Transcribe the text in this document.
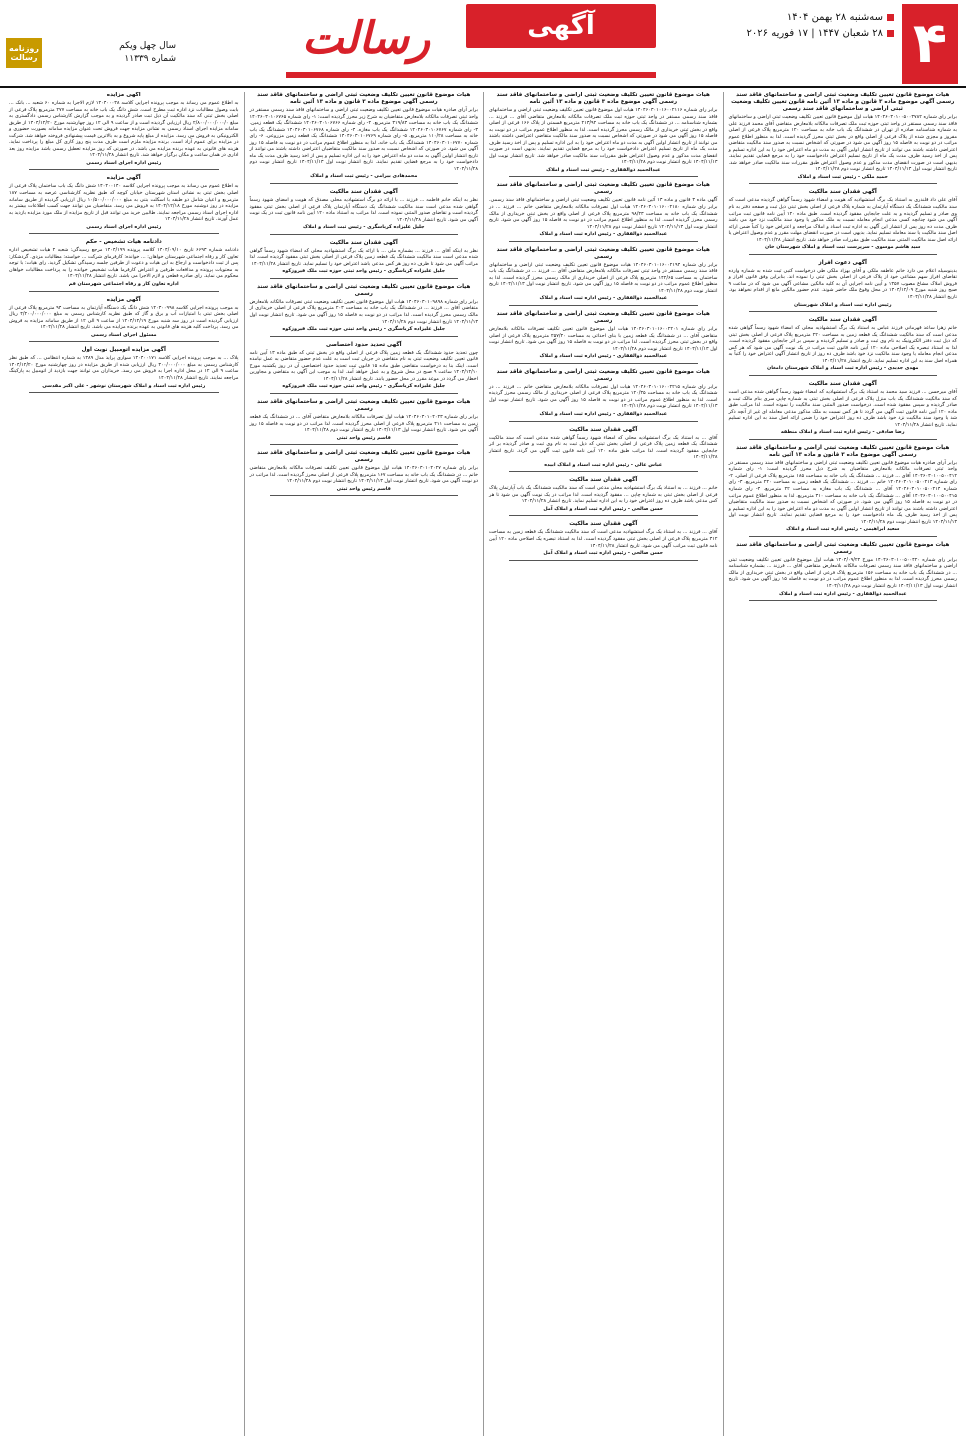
۴
سه‌شنبه ۲۸ بهمن ۱۴۰۴
۲۸ شعبان ۱۴۴۷ | ۱۷ فوریه ۲۰۲۶
آگهی
رسالت
روزنامه رسالت
سال چهل ویکم
شماره ۱۱۳۳۹
هیات موضوع قانون تعیین تکلیف وضعیت ثبتی اراضی و ساختمانهای فاقد سند رسمی آگهی موضوع ماده ۳ قانون و ماده ۱۳ آئین نامه قانون تعیین تکلیف وضعیت ثبتی اراضی و ساختمانهای فاقد سند رسمی
برابر رای شماره ۱۴۰۴۶۰۳۰۱۰۰۵۰۰۳۷۸۲ هیات اول موضوع قانون تعیین تکلیف وضعیت ثبتی اراضی و ساختمانهای فاقد سند رسمی مستقر در واحد ثبتی حوزه ثبت ملک تصرفات مالکانه بلامعارض متقاضی آقای محمد فرزند علی به شماره شناسنامه صادره از تهران در ششدانگ یک باب خانه به مساحت ۱۲۰ مترمربع پلاک فرعی از اصلی مفروز و مجزی شده از پلاک فرعی از اصلی واقع در بخش ثبتی محرز گردیده است. لذا به منظور اطلاع عموم مراتب در دو نوبت به فاصله ۱۵ روز آگهی می شود در صورتی که اشخاص نسبت به صدور سند مالکیت متقاضی اعتراضی داشته باشند می توانند از تاریخ انتشار اولین آگهی به مدت دو ماه اعتراض خود را به این اداره تسلیم و پس از اخذ رسید ظرف مدت یک ماه از تاریخ تسلیم اعتراض دادخواست خود را به مرجع قضایی تقدیم نمایند. بدیهی است در صورت انقضای مدت مذکور و عدم وصول اعتراض طبق مقررات سند مالکیت صادر خواهد شد. تاریخ انتشار نوبت اول ۱۴۰۴/۱۱/۱۳ تاریخ انتشار نوبت دوم ۱۴۰۴/۱۱/۲۸
حمید ملکی - رئیس ثبت اسناد و املاک
آگهی فقدان سند مالکیت
آقای علی داد قلندری به استناد یک برگ استشهادیه که هویت و امضاء شهود رسماً گواهی گردیده مدعی است که سند مالکیت ششدانگ یک دستگاه آپارتمان به شماره پلاک فرعی از اصلی بخش ثبتی ذیل ثبت و صفحه دفتر به نام وی صادر و تسلیم گردیده و به علت جابجایی مفقود گردیده است. طبق ماده ۱۲۰ آیین نامه قانون ثبت مراتب آگهی می شود چنانچه کسی مدعی انجام معامله نسبت به ملک مذکور یا وجود سند مالکیت نزد خود می باشد ظرف مدت ده روز پس از انتشار این آگهی به اداره ثبت اسناد و املاک مراجعه و اعتراض خود را کتباً ضمن ارائه اصل سند مالکیت یا سند معامله تسلیم نماید. بدیهی است در صورت انقضای مهلت مقرر و عدم وصول اعتراض یا ارائه اصل سند مالکیت المثنی سند مالکیت طبق مقررات صادر خواهد شد. تاریخ انتشار ۱۴۰۴/۱۱/۲۸
سید هاشم موسوی - سرپرست ثبت اسناد و املاک شهرستان خان
آگهی دعوت افراز
بدینوسیله اعلام می دارد خانم عاطفه ملکی و آقای بهزاد ملکی طی درخواست کتبی ثبت شده به شماره وارده تقاضای افراز سهم مشاعی خود از پلاک فرعی از اصلی بخش ثبتی را نموده اند. بنابراین وفق قانون افراز و فروش املاک مشاع مصوب ۱۳۵۷ و آیین نامه اجرایی آن به کلیه مالکین مشاعی آگهی می شود که در ساعت ۹ صبح روز شنبه مورخ ۱۴۰۴/۱۲/۰۹ در محل وقوع ملک حاضر شوند. عدم حضور مالکین مانع از اقدام نخواهد بود. تاریخ انتشار ۱۴۰۴/۱۱/۲۸
رئیس اداره ثبت اسناد و املاک شهرستان
آگهی فقدان سند مالکیت
خانم زهرا ساعد قهرمانی فرزند عباس به استناد یک برگ استشهادیه محلی که امضاء شهود رسماً گواهی شده مدعی است که سند مالکیت ششدانگ یک قطعه زمین به مساحت ۲۲۰ مترمربع پلاک فرعی از اصلی بخش ثبتی که ذیل ثبت دفتر الکترونیک به نام وی ثبت و صادر و تسلیم گردیده و سپس بر اثر جابجایی مفقود گردیده است. لذا به استناد تبصره یک اصلاحی ماده ۱۲۰ آیین نامه قانون ثبت مراتب در یک نوبت آگهی می شود که هر کس مدعی انجام معامله یا وجود سند مالکیت نزد خود باشد ظرف ده روز از تاریخ انتشار آگهی اعتراض خود را کتباً به همراه اصل سند به این اداره تسلیم نماید. تاریخ انتشار ۱۴۰۴/۱۱/۲۸
مهدی جدیدی - رئیس اداره ثبت اسناد و املاک شهرستان دامغان
آگهی فقدان سند مالکیت
آقای میرحسن ... فرزند سید محمد به استناد یک برگ استشهادیه که امضاء شهود رسماً گواهی شده مدعی است که سند مالکیت ششدانگ یک باب منزل پلاک فرعی از اصلی بخش ثبتی به شماره چاپی سری بنام مالک ثبت و صادر گردیده و سپس مفقود شده است. درخواست صدور المثنی سند مالکیت را نموده است. لذا مراتب طبق ماده ۱۲۰ آیین نامه قانون ثبت آگهی می گردد تا هر کس نسبت به ملک مذکور مدعی معامله ای غیر از آنچه ذکر شد یا وجود سند مالکیت نزد خود باشد ظرف ده روز اعتراض خود را ضمن ارائه اصل سند به این اداره تسلیم نماید. تاریخ انتشار ۱۴۰۴/۱۱/۲۸
رضا صادقی - رئیس اداره ثبت اسناد و املاک منطقه
هیات موضوع قانون تعیین تکلیف وضعیت ثبتی اراضی و ساختمانهای فاقد سند رسمی آگهی موضوع ماده ۳ قانون و ماده ۱۳ آئین نامه
برابر آرای صادره هیات موضوع قانون تعیین تکلیف وضعیت ثبتی اراضی و ساختمانهای فاقد سند رسمی مستقر در واحد ثبتی تصرفات مالکانه بلامعارض متقاضیان به شرح ذیل محرز گردیده است: ۱- رای شماره ۱۴۰۴۶۰۳۰۱۰۰۵۰۰۴۱۲ آقای ... فرزند ... ششدانگ یک باب خانه به مساحت ۱۸۵ مترمربع پلاک فرعی از اصلی. ۲- رای شماره ۱۴۰۴۶۰۳۰۱۰۰۵۰۰۴۱۳ خانم ... فرزند ... ششدانگ یک قطعه زمین به مساحت ۲۴۰ مترمربع. ۳- رای شماره ۱۴۰۴۶۰۳۰۱۰۰۵۰۰۴۱۴ آقای ... ششدانگ یک باب مغازه به مساحت ۴۲ مترمربع. ۴- رای شماره ۱۴۰۴۶۰۳۰۱۰۰۵۰۰۴۱۵ آقای ... ششدانگ یک باب خانه به مساحت ۳۱۰ مترمربع. لذا به منظور اطلاع عموم مراتب در دو نوبت به فاصله ۱۵ روز آگهی می شود. در صورتی که اشخاص نسبت به صدور سند مالکیت متقاضیان اعتراضی داشته باشند می توانند از تاریخ انتشار اولین آگهی به مدت دو ماه اعتراض خود را به این اداره تسلیم و پس از اخذ رسید ظرف یک ماه دادخواست خود را به مرجع قضایی تقدیم نمایند. تاریخ انتشار نوبت اول ۱۴۰۴/۱۱/۱۳ تاریخ انتشار نوبت دوم ۱۴۰۴/۱۱/۲۸
سعید ابراهیمی - رئیس اداره ثبت اسناد و املاک
هیات موضوع قانون تعیین تکلیف وضعیت ثبتی اراضی و ساختمانهای فاقد سند رسمی
برابر رای شماره ۱۴۰۴۶۰۳۰۱۰۰۵۰۰۴۲۰ مورخ ۱۴۰۴/۰۹/۲۲ هیات اول موضوع قانون تعیین تکلیف وضعیت ثبتی اراضی و ساختمانهای فاقد سند رسمی تصرفات مالکانه بلامعارض متقاضی آقای ... فرزند ... بشماره شناسنامه ... در ششدانگ یک باب خانه به مساحت ۱۵۶ مترمربع پلاک فرعی از اصلی واقع در بخش ثبتی خریداری از مالک رسمی محرز گردیده است. لذا به منظور اطلاع عموم مراتب در دو نوبت به فاصله ۱۵ روز آگهی می شود. تاریخ انتشار نوبت اول ۱۴۰۴/۱۱/۱۳ تاریخ انتشار نوبت دوم ۱۴۰۴/۱۱/۲۸
عبدالحمید ذوالفقاری - رئیس اداره ثبت اسناد و املاک
هیات موضوع قانون تعیین تکلیف وضعیت ثبتی اراضی و ساختمانهای فاقد سند رسمی آگهی موضوع ماده ۳ قانون و ماده ۱۳ آئین نامه
برابر رای شماره ۱۴۰۴۶۰۳۰۱۰۱۶۰۰۲۱۱۶ هیات اول موضوع قانون تعیین تکلیف وضعیت ثبتی اراضی و ساختمانهای فاقد سند رسمی مستقر در واحد ثبتی حوزه ثبت ملک تصرفات مالکانه بلامعارض متقاضی آقای ... فرزند ... بشماره شناسنامه ... در ششدانگ یک باب خانه به مساحت ۲۱۳/۹۲ مترمربع قسمتی از پلاک ۱۶۶ فرعی از اصلی واقع در بخش ثبتی خریداری از مالک رسمی محرز گردیده است. لذا به منظور اطلاع عموم مراتب در دو نوبت به فاصله ۱۵ روز آگهی می شود در صورتی که اشخاص نسبت به صدور سند مالکیت متقاضی اعتراضی داشته باشند می توانند از تاریخ انتشار اولین آگهی به مدت دو ماه اعتراض خود را به این اداره تسلیم و پس از اخذ رسید ظرف مدت یک ماه از تاریخ تسلیم اعتراض دادخواست خود را به مرجع قضایی تقدیم نمایند. بدیهی است در صورت انقضای مدت مذکور و عدم وصول اعتراض طبق مقررات سند مالکیت صادر خواهد شد. تاریخ انتشار نوبت اول ۱۴۰۴/۱۱/۱۳ تاریخ انتشار نوبت دوم ۱۴۰۴/۱۱/۲۸
عبدالحمید ذوالفقاری - رئیس ثبت اسناد و املاک
هیات موضوع قانون تعیین تکلیف وضعیت ثبتی اراضی و ساختمانهای فاقد سند رسمی
آگهی ماده ۳ قانون و ماده ۱۳ آئین نامه قانون تعیین تکلیف وضعیت ثبتی اراضی و ساختمانهای فاقد سند رسمی. برابر رای شماره ۱۴۰۴۶۰۳۰۱۰۱۶۰۰۲۱۸۰ هیات اول تصرفات مالکانه بلامعارض متقاضی خانم ... فرزند ... در ششدانگ یک باب خانه به مساحت ۹۸/۴۳ مترمربع پلاک فرعی از اصلی واقع در بخش ثبتی خریداری از مالک رسمی محرز گردیده است. لذا به منظور اطلاع عموم مراتب در دو نوبت به فاصله ۱۵ روز آگهی می شود. تاریخ انتشار نوبت اول ۱۴۰۴/۱۱/۱۳ تاریخ انتشار نوبت دوم ۱۴۰۴/۱۱/۲۸
عبدالحمید ذوالفقاری - رئیس اداره ثبت اسناد و املاک
هیات موضوع قانون تعیین تکلیف وضعیت ثبتی اراضی و ساختمانهای فاقد سند رسمی
برابر رای شماره ۱۴۰۴۶۰۳۰۱۰۱۶۰۰۲۱۹۴ هیات موضوع قانون تعیین تکلیف وضعیت ثبتی اراضی و ساختمانهای فاقد سند رسمی مستقر در واحد ثبتی تصرفات مالکانه بلامعارض متقاضی آقای ... فرزند ... در ششدانگ یک باب ساختمان به مساحت ۱۴۲/۶۵ مترمربع پلاک فرعی از اصلی خریداری از مالک رسمی محرز گردیده است. لذا به منظور اطلاع عموم مراتب در دو نوبت به فاصله ۱۵ روز آگهی می شود. تاریخ انتشار نوبت اول ۱۴۰۴/۱۱/۱۳ تاریخ انتشار نوبت دوم ۱۴۰۴/۱۱/۲۸
عبدالحمید ذوالفقاری - رئیس اداره ثبت اسناد و املاک
هیات موضوع قانون تعیین تکلیف وضعیت ثبتی اراضی و ساختمانهای فاقد سند رسمی
برابر رای شماره ۱۴۰۴۶۰۳۰۱۰۱۶۰۰۲۲۰۱ هیات اول موضوع قانون تعیین تکلیف تصرفات مالکانه بلامعارض متقاضی آقای ... در ششدانگ یک قطعه زمین با بنای احداثی به مساحت ۲۵۷/۴۰ مترمربع پلاک فرعی از اصلی واقع در بخش ثبتی محرز گردیده است. لذا مراتب در دو نوبت به فاصله ۱۵ روز آگهی می شود. تاریخ انتشار نوبت اول ۱۴۰۴/۱۱/۱۳ تاریخ انتشار نوبت دوم ۱۴۰۴/۱۱/۲۸
عبدالحمید ذوالفقاری - رئیس اداره ثبت اسناد و املاک
هیات موضوع قانون تعیین تکلیف وضعیت ثبتی اراضی و ساختمانهای فاقد سند رسمی
برابر رای شماره ۱۴۰۴۶۰۳۰۱۰۱۶۰۰۲۲۱۵ هیات اول تصرفات مالکانه بلامعارض متقاضی خانم ... فرزند ... در ششدانگ یک باب خانه به مساحت ۱۲۰/۳۵ مترمربع پلاک فرعی از اصلی خریداری از مالک رسمی محرز گردیده است. لذا به منظور اطلاع عموم مراتب در دو نوبت به فاصله ۱۵ روز آگهی می شود. تاریخ انتشار نوبت اول ۱۴۰۴/۱۱/۱۳ تاریخ انتشار نوبت دوم ۱۴۰۴/۱۱/۲۸
عبدالحمید ذوالفقاری - رئیس اداره ثبت اسناد و املاک
آگهی فقدان سند مالکیت
آقای ... به استناد یک برگ استشهادیه محلی که امضاء شهود رسماً گواهی شده مدعی است که سند مالکیت ششدانگ یک قطعه زمین پلاک فرعی از اصلی بخش ثبتی که ذیل ثبت به نام وی ثبت و صادر گردیده بر اثر جابجایی مفقود گردیده است. لذا مراتب طبق ماده ۱۲۰ آیین نامه قانون ثبت آگهی می گردد. تاریخ انتشار ۱۴۰۴/۱۱/۲۸
عباس عالی - رئیس اداره ثبت اسناد و املاک ابیده
آگهی فقدان سند مالکیت
خانم ... فرزند ... به استناد یک برگ استشهادیه محلی مدعی است که سند مالکیت ششدانگ یک باب آپارتمان پلاک فرعی از اصلی بخش ثبتی به شماره چاپی ... مفقود گردیده است. لذا مراتب در یک نوبت آگهی می شود تا هر کس مدعی باشد ظرف ده روز اعتراض خود را به این اداره تسلیم نماید. تاریخ انتشار ۱۴۰۴/۱۱/۲۸
حسن صالحی - رئیس اداره ثبت اسناد و املاک آمل
آگهی فقدان سند مالکیت
آقای ... فرزند ... به استناد یک برگ استشهادیه مدعی است که سند مالکیت ششدانگ یک قطعه زمین به مساحت ۳۱۲ مترمربع پلاک فرعی از اصلی بخش ثبتی مفقود گردیده است. لذا به استناد تبصره یک اصلاحی ماده ۱۲۰ آیین نامه قانون ثبت مراتب آگهی می شود. تاریخ انتشار ۱۴۰۴/۱۱/۲۸
حسن صالحی - رئیس اداره ثبت اسناد و املاک آمل
هیات موضوع قانون تعیین تکلیف وضعیت ثبتی اراضی و ساختمانهای فاقد سند رسمی آگهی موضوع ماده ۳ قانون و ماده ۱۳ آئین نامه
برابر آرای صادره هیات موضوع قانون تعیین تکلیف وضعیت ثبتی اراضی و ساختمانهای فاقد سند رسمی مستقر در واحد ثبتی تصرفات مالکانه بلامعارض متقاضیان به شرح زیر محرز گردیده است: ۱- رای شماره ۱۴۰۴۶۰۳۰۱۰۶۷۶۵ ششدانگ یک باب خانه به مساحت ۳۱۹/۸۳ مترمربع. ۲- رای شماره ۱۴۰۴۶۰۳۰۱۰۶۷۶۶ ششدانگ یک قطعه زمین. ۳- رای شماره ۱۴۰۴۶۰۳۰۱۰۶۷۶۷ ششدانگ یک باب مغازه. ۴- رای شماره ۱۴۰۴۶۰۳۰۱۰۶۷۶۸ ششدانگ یک باب خانه به مساحت ۱۱۰/۲۸ مترمربع. ۵- رای شماره ۱۴۰۴۶۰۳۰۱۰۶۷۶۹ ششدانگ یک قطعه زمین مزروعی. ۶- رای شماره ۱۴۰۴۶۰۳۰۱۰۶۷۷۰ ششدانگ یک باب خانه. لذا به منظور اطلاع عموم مراتب در دو نوبت به فاصله ۱۵ روز آگهی می شود. در صورتی که اشخاص نسبت به صدور سند مالکیت متقاضیان اعتراضی داشته باشند می توانند از تاریخ انتشار اولین آگهی به مدت دو ماه اعتراض خود را به این اداره تسلیم و پس از اخذ رسید ظرف مدت یک ماه دادخواست خود را به مرجع قضایی تقدیم نمایند. تاریخ انتشار نوبت اول ۱۴۰۴/۱۱/۱۳ تاریخ انتشار نوبت دوم ۱۴۰۴/۱۱/۲۸
محمدهادی بیرامی - رئیس ثبت اسناد و املاک
آگهی فقدان سند مالکیت
نظر به اینکه خانم فاطمه ... فرزند ... با ارائه دو برگ استشهادیه محلی مصدق که هویت و امضای شهود رسماً گواهی شده مدعی است سند مالکیت ششدانگ یک دستگاه آپارتمان پلاک فرعی از اصلی بخش ثبتی مفقود گردیده است و تقاضای صدور المثنی نموده است. لذا مراتب به استناد ماده ۱۲۰ آیین نامه قانون ثبت در یک نوبت آگهی می شود. تاریخ انتشار ۱۴۰۴/۱۱/۲۸
جلیل علیزاده کرباسگری - رئیس ثبت اسناد و املاک
آگهی فقدان سند مالکیت
نظر به اینکه آقای ... فرزند ... بشماره ملی ... با ارائه یک برگ استشهادیه محلی که امضاء شهود رسماً گواهی شده مدعی است سند مالکیت ششدانگ یک قطعه زمین پلاک فرعی از اصلی بخش ثبتی مفقود گردیده است. لذا مراتب آگهی می شود تا ظرف ده روز هر کس مدعی باشد اعتراض خود را تسلیم نماید. تاریخ انتشار ۱۴۰۴/۱۱/۲۸
جلیل علیزاده کرباسگری - رئیس واحد ثبتی حوزه ثبت ملک فیروزکوه
هیات موضوع قانون تعیین تکلیف وضعیت ثبتی اراضی و ساختمانهای فاقد سند رسمی
برابر رای شماره ۱۴۰۴۶۰۳۰۱۰۹۸۹۸ هیات اول موضوع قانون تعیین تکلیف وضعیت ثبتی تصرفات مالکانه بلامعارض متقاضی آقای ... فرزند ... در ششدانگ یک باب خانه به مساحت ۲۰۳ مترمربع پلاک فرعی از اصلی خریداری از مالک رسمی محرز گردیده است. لذا مراتب در دو نوبت به فاصله ۱۵ روز آگهی می شود. تاریخ انتشار نوبت اول ۱۴۰۴/۱۱/۱۳ تاریخ انتشار نوبت دوم ۱۴۰۴/۱۱/۲۸
جلیل علیزاده کرباسگری - رئیس واحد ثبتی حوزه ثبت ملک فیروزکوه
آگهی تحدید حدود اختصاصی
چون تحدید حدود ششدانگ یک قطعه زمین پلاک فرعی از اصلی واقع در بخش ثبتی که طبق ماده ۱۳ آیین نامه قانون تعیین تکلیف وضعیت ثبتی به نام متقاضی در جریان ثبت است به علت عدم حضور متقاضی به عمل نیامده است. اینک بنا به درخواست متقاضی طبق ماده ۱۵ قانون ثبت تحدید حدود اختصاصی آن در روز یکشنبه مورخ ۱۴۰۴/۱۲/۱۰ ساعت ۹ صبح در محل شروع و به عمل خواهد آمد. لذا به موجب این آگهی به متقاضی و مجاورین اخطار می گردد در موعد مقرر در محل حضور یابند. تاریخ انتشار ۱۴۰۴/۱۱/۲۸
جلیل علیزاده کرباسگری - رئیس واحد ثبتی حوزه ثبت ملک فیروزکوه
هیات موضوع قانون تعیین تکلیف وضعیت ثبتی اراضی و ساختمانهای فاقد سند رسمی
برابر رای شماره ۱۴۰۴۶۰۳۰۱۰۴۰۲۳ هیات اول تصرفات مالکانه بلامعارض متقاضی آقای ... در ششدانگ یک قطعه زمین به مساحت ۴۱۱ مترمربع پلاک فرعی از اصلی محرز گردیده است. لذا مراتب در دو نوبت به فاصله ۱۵ روز آگهی می شود. تاریخ انتشار نوبت اول ۱۴۰۴/۱۱/۱۳ تاریخ انتشار نوبت دوم ۱۴۰۴/۱۱/۲۸
قاسم رئیس واحد ثبتی
هیات موضوع قانون تعیین تکلیف وضعیت ثبتی اراضی و ساختمانهای فاقد سند رسمی
برابر رای شماره ۱۴۰۴۶۰۳۰۱۰۴۰۲۷ هیات اول موضوع قانون تعیین تکلیف تصرفات مالکانه بلامعارض متقاضی خانم ... در ششدانگ یک باب خانه به مساحت ۱۶۷ مترمربع پلاک فرعی از اصلی محرز گردیده است. لذا مراتب در دو نوبت آگهی می شود. تاریخ انتشار نوبت اول ۱۴۰۴/۱۱/۱۳ تاریخ انتشار نوبت دوم ۱۴۰۴/۱۱/۲۸
قاسم رئیس واحد ثبتی
آگهی مزایده
به اطلاع عموم می رساند به موجب پرونده اجرایی کلاسه ۱۴۰۴۰۰۰۳۸ لازم الاجرا به شماره ۶۰ شعبه ... بانک ... بابت وصول مطالبات نزد اداره ثبت مطرح است. شش دانگ یک باب خانه به مساحت ۲۷۷ مترمربع پلاک فرعی از اصلی بخش ثبتی که سند مالکیت آن ذیل ثبت صادر گردیده و به موجب گزارش کارشناس رسمی دادگستری به مبلغ ۲/۸۰۰/۰۰۰/۰۰۰/۰ ریال ارزیابی گردیده است و از ساعت ۹ الی ۱۲ روز چهارشنبه مورخ ۱۴۰۴/۱۲/۲۰ از طریق سامانه مزایده اجرای اسناد رسمی به نشانی مزایده جهت فروش تحت عنوان مزایده سامانه بصورت حضوری و الکترونیکی به فروش می رسد. مزایده از مبلغ پایه شروع و به بالاترین قیمت پیشنهادی فروخته خواهد شد. شرکت در مزایده برای عموم آزاد است. برنده مزایده ملزم است ظرف مدت پنج روز کاری کل مبلغ را پرداخت نماید. هزینه های قانونی به عهده برنده مزایده می باشد. در صورتی که روز مزایده تعطیل رسمی باشد مزایده روز بعد اداری در همان ساعت و مکان برگزار خواهد شد. تاریخ انتشار ۱۴۰۴/۱۱/۲۸
رئیس اداره اجرای اسناد رسمی
آگهی مزایده
به اطلاع عموم می رساند به موجب پرونده اجرایی کلاسه ۱۴۰۴۰۰۱۴۰ شش دانگ یک باب ساختمان پلاک فرعی از اصلی بخش ثبتی به نشانی استان شهرستان خیابان کوچه که طبق نظریه کارشناسی عرصه به مساحت ۱۸۷ مترمربع و اعیان شامل دو طبقه با اسکلت بتنی به مبلغ ۱۰/۵۰۰/۰۰۰/۰۰۰ ریال ارزیابی گردیده از طریق سامانه مزایده در روز دوشنبه مورخ ۱۴۰۴/۱۲/۱۸ به فروش می رسد. متقاضیان می توانند جهت کسب اطلاعات بیشتر به اداره اجرای اسناد رسمی مراجعه نمایند. طالبین خرید می توانند قبل از تاریخ مزایده از ملک مورد مزایده بازدید به عمل آورند. تاریخ انتشار ۱۴۰۴/۱۱/۲۸
رئیس اداره اجرای اسناد رسمی
دادنامه هیات تشخیص - حکم
دادنامه شماره ۶۶۹۳ تاریخ ۱۴۰۴/۰۹/۱۰ کلاسه پرونده ۱۴۰۴/۱۹۹ مرجع رسیدگی: شعبه ۲ هیات تشخیص اداره تعاون کار و رفاه اجتماعی شهرستان خواهان: ... خوانده: کارفرمای شرکت ... خواسته: مطالبات مزدی. گردشکار: پس از ثبت دادخواست و ارجاع به این هیات و دعوت از طرفین جلسه رسیدگی تشکیل گردید. رای هیات: با توجه به محتویات پرونده و مدافعات طرفین و اعتراض کارفرما هیات تشخیص خوانده را به پرداخت مطالبات خواهان محکوم می نماید. رای صادره قطعی و لازم الاجرا می باشد. تاریخ انتشار ۱۴۰۴/۱۱/۲۸
اداره تعاون کار و رفاه اجتماعی شهرستان قم
آگهی مزایده
به موجب پرونده اجرایی کلاسه ۱۴۰۳۰۰۹۹۸ شش دانگ یک دستگاه آپارتمان به مساحت ۹۴ مترمربع پلاک فرعی از اصلی بخش ثبتی با امتیازات آب و برق و گاز که طبق نظریه کارشناس رسمی به مبلغ ۴/۲۰۰/۰۰۰/۰۰۰ ریال ارزیابی گردیده است در روز سه شنبه مورخ ۱۴۰۴/۱۲/۱۹ از ساعت ۹ الی ۱۲ از طریق سامانه مزایده به فروش می رسد. پرداخت کلیه هزینه های قانونی به عهده برنده مزایده می باشد. تاریخ انتشار ۱۴۰۴/۱۱/۲۸
مسئول اجرای اسناد رسمی
آگهی مزایده اتومبیل نوبت اول
پلاک ... به موجب پرونده اجرایی کلاسه ۱۴۰۴۰۰۱۷۱ سواری پراید مدل ۱۳۸۹ به شماره انتظامی ... که طبق نظر کارشناس رسمی به مبلغ ۳۰۰/۰۰۰/۰۰۰ ریال ارزیابی شده از طریق مزایده در روز چهارشنبه مورخ ۱۴۰۴/۱۲/۲۰ ساعت ۹ الی ۱۲ در محل اداره اجرا به فروش می رسد. خریداران می توانند جهت بازدید از اتومبیل به پارکینگ مراجعه نمایند. تاریخ انتشار ۱۴۰۴/۱۱/۲۸
رئیس اداره ثبت اسناد و املاک شهرستان نوشهر - علی اکبر مقدسی
